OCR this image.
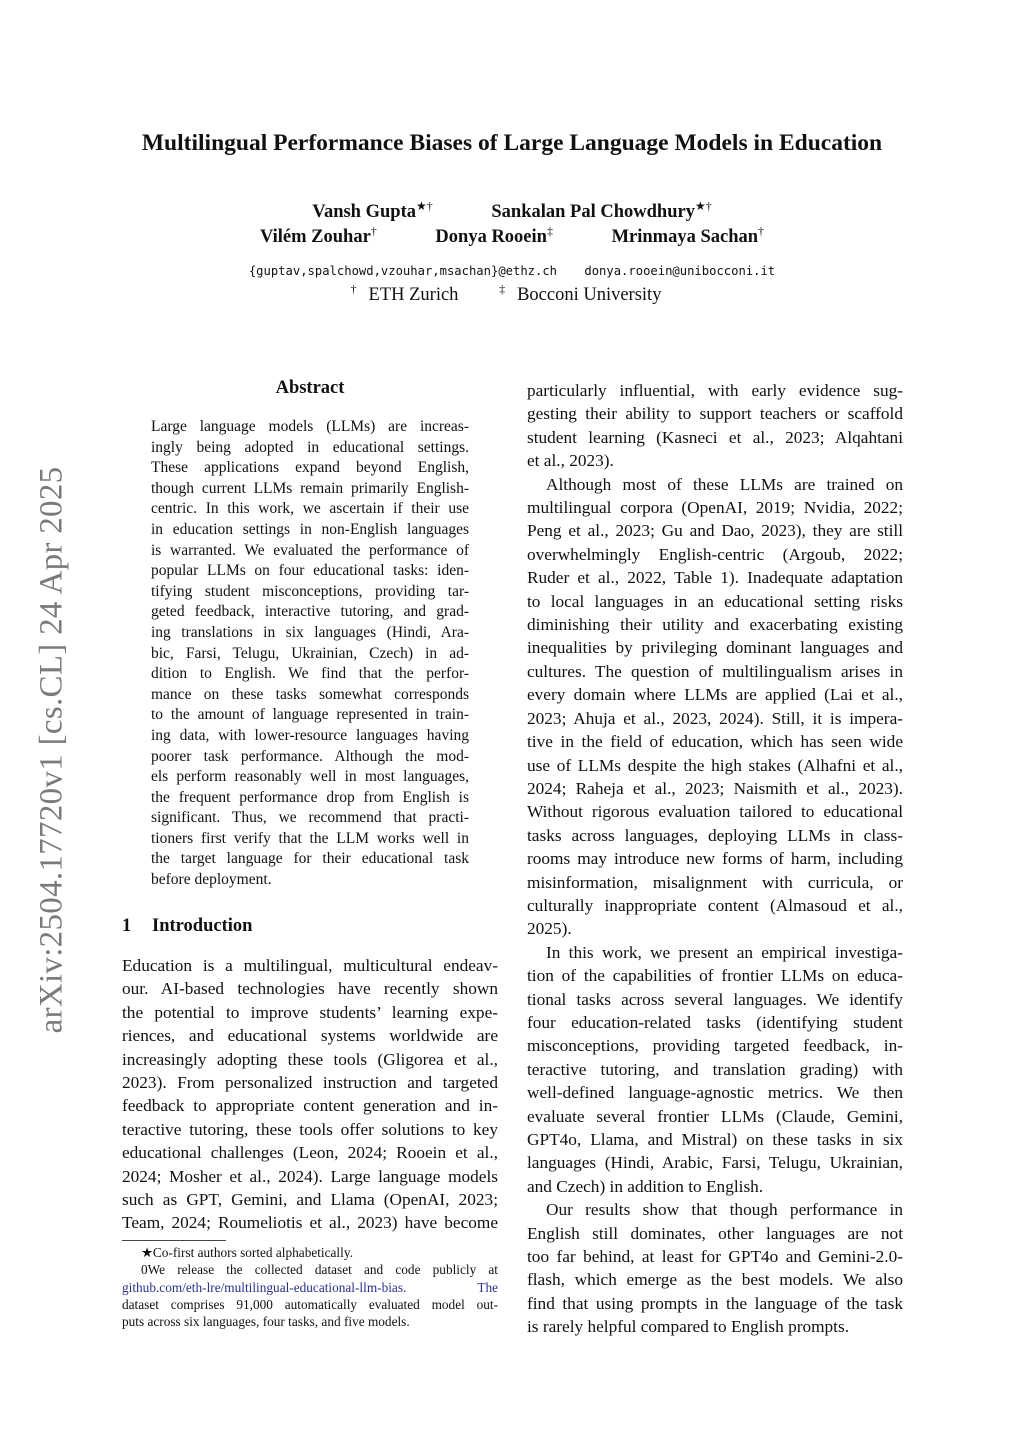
arXiv:2504.17720v1 [cs.CL] 24 Apr 2025
Multilingual Performance Biases of Large Language Models in Education
Vansh Gupta★†	Sankalan Pal Chowdhury★†
Vilém Zouhar†	Donya Rooein‡	Mrinmaya Sachan†
{guptav,spalchowd,vzouhar,msachan}@ethz.ch donya.rooein@unibocconi.it
† ETH Zurich	‡ Bocconi University
Abstract

Large language models (LLMs) are increas-

ingly being adopted in educational settings.

These applications expand beyond English,

though current LLMs remain primarily English-

centric. In this work, we ascertain if their use

in education settings in non-English languages

is warranted. We evaluated the performance of

popular LLMs on four educational tasks: iden-

tifying student misconceptions, providing tar-

geted feedback, interactive tutoring, and grad-

ing translations in six languages (Hindi, Ara-

bic, Farsi, Telugu, Ukrainian, Czech) in ad-

dition to English. We find that the perfor-

mance on these tasks somewhat corresponds

to the amount of language represented in train-

ing data, with lower-resource languages having

poorer task performance. Although the mod-

els perform reasonably well in most languages,

the frequent performance drop from English is

significant. Thus, we recommend that practi-

tioners first verify that the LLM works well in

the target language for their educational task

before deployment.

1 Introduction

Education is a multilingual, multicultural endeav-

our. AI-based technologies have recently shown

the potential to improve students’ learning expe-

riences, and educational systems worldwide are

increasingly adopting these tools (Gligorea et al.,

2023). From personalized instruction and targeted

feedback to appropriate content generation and in-

teractive tutoring, these tools offer solutions to key

educational challenges (Leon, 2024; Rooein et al.,

2024; Mosher et al., 2024). Large language models

such as GPT, Gemini, and Llama (OpenAI, 2023;

Team, 2024; Roumeliotis et al., 2023) have become

★Co-first authors sorted alphabetically.

0We release the collected dataset and code publicly at

github.com/eth-lre/multilingual-educational-llm-bias. The

dataset comprises 91,000 automatically evaluated model out-

puts across six languages, four tasks, and five models.

particularly influential, with early evidence sug-

gesting their ability to support teachers or scaffold

student learning (Kasneci et al., 2023; Alqahtani

et al., 2023).

Although most of these LLMs are trained on

multilingual corpora (OpenAI, 2019; Nvidia, 2022;

Peng et al., 2023; Gu and Dao, 2023), they are still

overwhelmingly English-centric (Argoub, 2022;

Ruder et al., 2022, Table 1). Inadequate adaptation

to local languages in an educational setting risks

diminishing their utility and exacerbating existing

inequalities by privileging dominant languages and

cultures. The question of multilingualism arises in

every domain where LLMs are applied (Lai et al.,

2023; Ahuja et al., 2023, 2024). Still, it is impera-

tive in the field of education, which has seen wide

use of LLMs despite the high stakes (Alhafni et al.,

2024; Raheja et al., 2023; Naismith et al., 2023).

Without rigorous evaluation tailored to educational

tasks across languages, deploying LLMs in class-

rooms may introduce new forms of harm, including

misinformation, misalignment with curricula, or

culturally inappropriate content (Almasoud et al.,

2025).

In this work, we present an empirical investiga-

tion of the capabilities of frontier LLMs on educa-

tional tasks across several languages. We identify

four education-related tasks (identifying student

misconceptions, providing targeted feedback, in-

teractive tutoring, and translation grading) with

well-defined language-agnostic metrics. We then

evaluate several frontier LLMs (Claude, Gemini,

GPT4o, Llama, and Mistral) on these tasks in six

languages (Hindi, Arabic, Farsi, Telugu, Ukrainian,

and Czech) in addition to English.

Our results show that though performance in

English still dominates, other languages are not

too far behind, at least for GPT4o and Gemini-2.0-

flash, which emerge as the best models. We also

find that using prompts in the language of the task

is rarely helpful compared to English prompts.
